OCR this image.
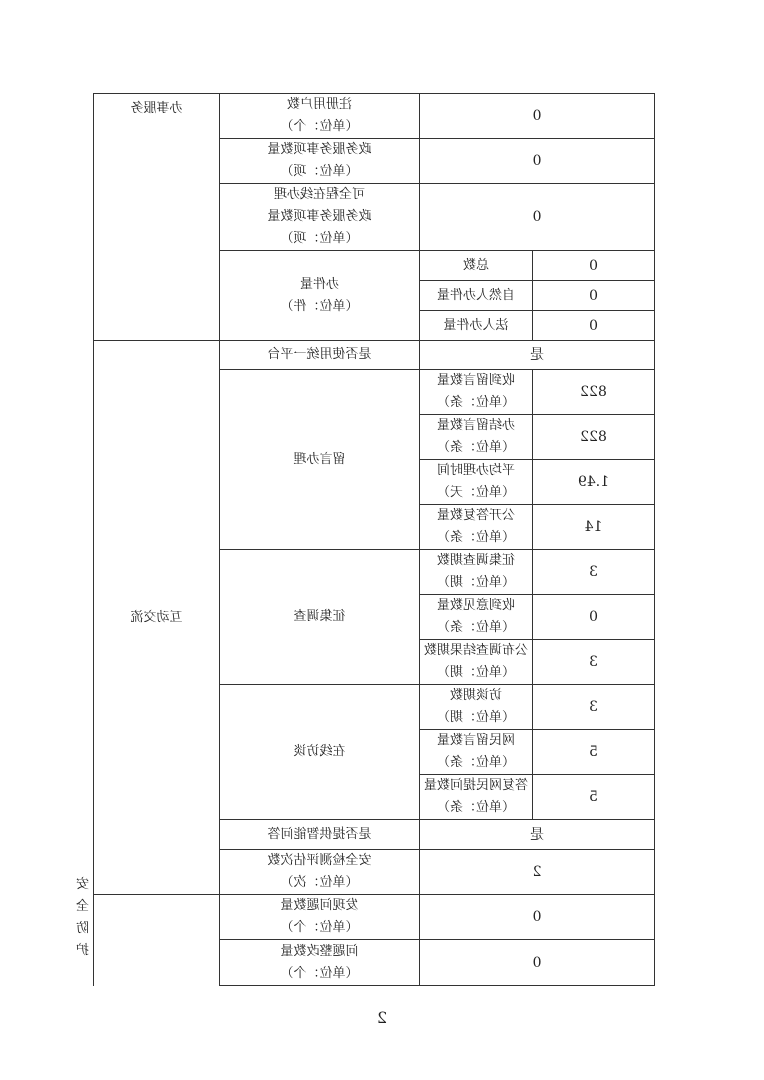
0		注册用户数
（单位：个）	办事服务	
0		政务服务事项数量
（单位：项）		

0		可全程在线办理
政务服务事项数量
（单位：项）		

0	总数	办件量
（单位：件）		

0	自然人办件量			
0	法人办件量			
是		是否使用统一平台	互动交流	
822	收到留言数量
（单位：条）	留言办理		
822	办结留言数量
（单位：条）			

1.49	平均办理时间
（单位：天）			

14	公开答复数量
（单位：条）			

3	征集调查期数
（单位：期）	征集调查		
0	收到意见数量
（单位：条）			

3	公布调查结果期数
（单位：期）			

3	访谈期数
（单位：期）	在线访谈		
5	网民留言数量
（单位：条）			

5	答复网民提问数量
（单位：条）			

是		是否提供智能问答		
2		安全检测评估次数
（单位：次）		安全防护
0		发现问题数量
（单位：个）		

0		问题整改数量
（单位：个）		
2
